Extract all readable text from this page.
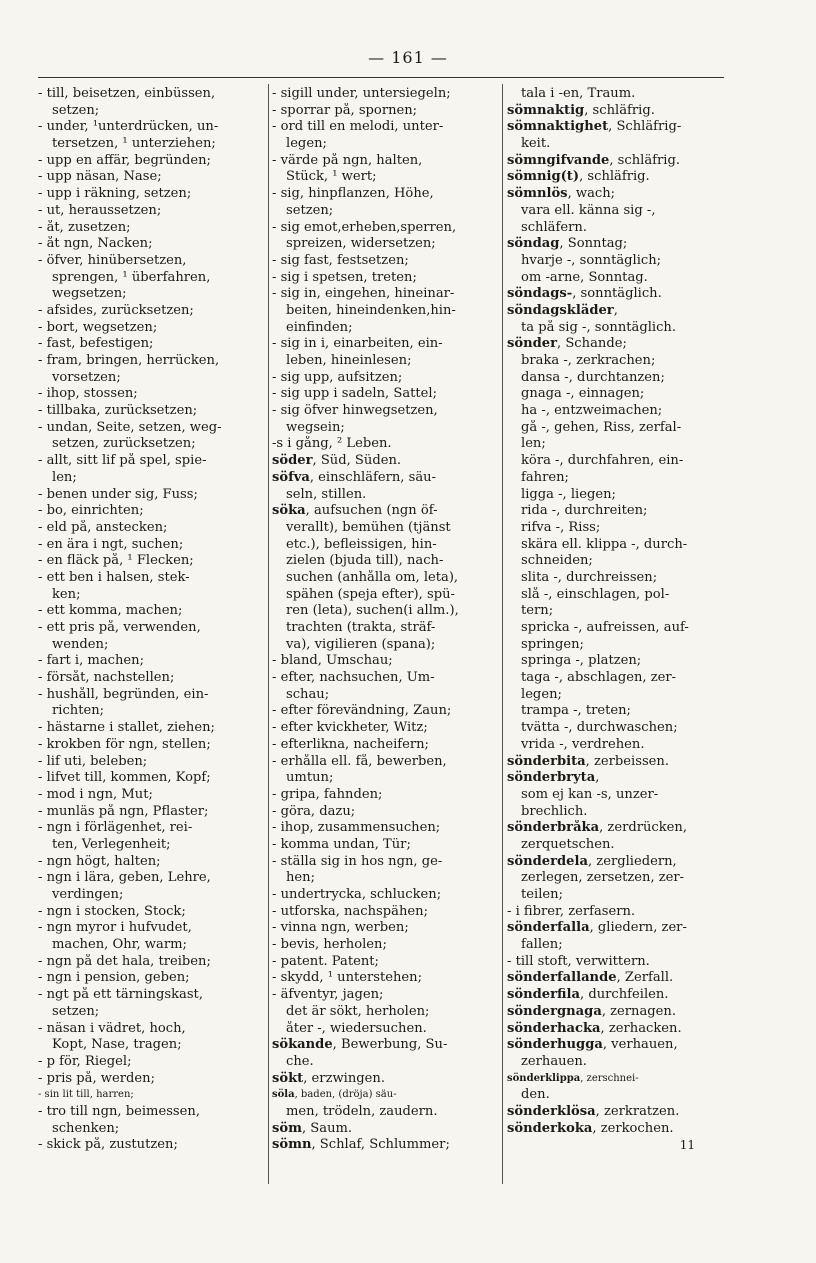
— 161 —
- till, beisetzen, einbüssen,
setzen;
- under, ¹unterdrücken, un-
tersetzen, ¹ unterziehen;
- upp en affär, begründen;
- upp näsan, Nase;
- upp i räkning, setzen;
- ut, heraussetzen;
- åt, zusetzen;
- åt ngn, Nacken;
- öfver, hinübersetzen,
sprengen, ¹ überfahren,
wegsetzen;
- afsides, zurücksetzen;
- bort, wegsetzen;
- fast, befestigen;
- fram, bringen, herrücken,
vorsetzen;
- ihop, stossen;
- tillbaka, zurücksetzen;
- undan, Seite, setzen, weg-
setzen, zurücksetzen;
- allt, sitt lif på spel, spie-
len;
- benen under sig, Fuss;
- bo, einrichten;
- eld på, anstecken;
- en ära i ngt, suchen;
- en fläck på, ¹ Flecken;
- ett ben i halsen, stek-
ken;
- ett komma, machen;
- ett pris på, verwenden,
wenden;
- fart i, machen;
- försåt, nachstellen;
- hushåll, begründen, ein-
richten;
- hästarne i stallet, ziehen;
- krokben för ngn, stellen;
- lif uti, beleben;
- lifvet till, kommen, Kopf;
- mod i ngn, Mut;
- munläs på ngn, Pflaster;
- ngn i förlägenhet, rei-
ten, Verlegenheit;
- ngn högt, halten;
- ngn i lära, geben, Lehre,
verdingen;
- ngn i stocken, Stock;
- ngn myror i hufvudet,
machen, Ohr, warm;
- ngn på det hala, treiben;
- ngn i pension, geben;
- ngt på ett tärningskast,
setzen;
- näsan i vädret, hoch,
Kopt, Nase, tragen;
- p för, Riegel;
- pris på, werden;
- sin lit till, harren;
- tro till ngn, beimessen,
schenken;
- skick på, zustutzen;
- sigill under, untersiegeln;
- sporrar på, spornen;
- ord till en melodi, unter-
legen;
- värde på ngn, halten,
Stück, ¹ wert;
- sig, hinpflanzen, Höhe,
setzen;
- sig emot,erheben,sperren,
spreizen, widersetzen;
- sig fast, festsetzen;
- sig i spetsen, treten;
- sig in, eingehen, hineinar-
beiten, hineindenken,hin-
einfinden;
- sig in i, einarbeiten, ein-
leben, hineinlesen;
- sig upp, aufsitzen;
- sig upp i sadeln, Sattel;
- sig öfver hinwegsetzen,
wegsein;
-s i gång, ² Leben.
söder, Süd, Süden.
söfva, einschläfern, säu-
seln, stillen.
söka, aufsuchen (ngn öf-
verallt), bemühen (tjänst
etc.), befleissigen, hin-
zielen (bjuda till), nach-
suchen (anhålla om, leta),
spähen (speja efter), spü-
ren (leta), suchen(i allm.),
trachten (trakta, sträf-
va), vigilieren (spana);
- bland, Umschau;
- efter, nachsuchen, Um-
schau;
- efter förevändning, Zaun;
- efter kvickheter, Witz;
- efterlikna, nacheifern;
- erhålla ell. få, bewerben,
umtun;
- gripa, fahnden;
- göra, dazu;
- ihop, zusammensuchen;
- komma undan, Tür;
- ställa sig in hos ngn, ge-
hen;
- undertrycka, schlucken;
- utforska, nachspähen;
- vinna ngn, werben;
- bevis, herholen;
- patent. Patent;
- skydd, ¹ unterstehen;
- äfventyr, jagen;
det är sökt, herholen;
åter -, wiedersuchen.
sökande, Bewerbung, Su-
che.
sökt, erzwingen.
söla, baden, (dröja) säu-
men, trödeln, zaudern.
söm, Saum.
sömn, Schlaf, Schlummer;
tala i -en, Traum.
sömnaktig, schläfrig.
sömnaktighet, Schläfrig-
keit.
sömngifvande, schläfrig.
sömnig(t), schläfrig.
sömnlös, wach;
vara ell. känna sig -,
schläfern.
söndag, Sonntag;
hvarje -, sonntäglich;
om -arne, Sonntag.
söndags-, sonntäglich.
söndagskläder,
ta på sig -, sonntäglich.
sönder, Schande;
braka -, zerkrachen;
dansa -, durchtanzen;
gnaga -, einnagen;
ha -, entzweimachen;
gå -, gehen, Riss, zerfal-
len;
köra -, durchfahren, ein-
fahren;
ligga -, liegen;
rida -, durchreiten;
rifva -, Riss;
skära ell. klippa -, durch-
schneiden;
slita -, durchreissen;
slå -, einschlagen, pol-
tern;
spricka -, aufreissen, auf-
springen;
springa -, platzen;
taga -, abschlagen, zer-
legen;
trampa -, treten;
tvätta -, durchwaschen;
vrida -, verdrehen.
sönderbita, zerbeissen.
sönderbryta,
som ej kan -s, unzer-
brechlich.
sönderbråka, zerdrücken,
zerquetschen.
sönderdela, zergliedern,
zerlegen, zersetzen, zer-
teilen;
- i fibrer, zerfasern.
sönderfalla, gliedern, zer-
fallen;
- till stoft, verwittern.
sönderfallande, Zerfall.
sönderfila, durchfeilen.
söndergnaga, zernagen.
sönderhacka, zerhacken.
sönderhugga, verhauen,
zerhauen.
sönderklippa, zerschnei-
den.
sönderklösa, zerkratzen.
sönderkoka, zerkochen.
11
